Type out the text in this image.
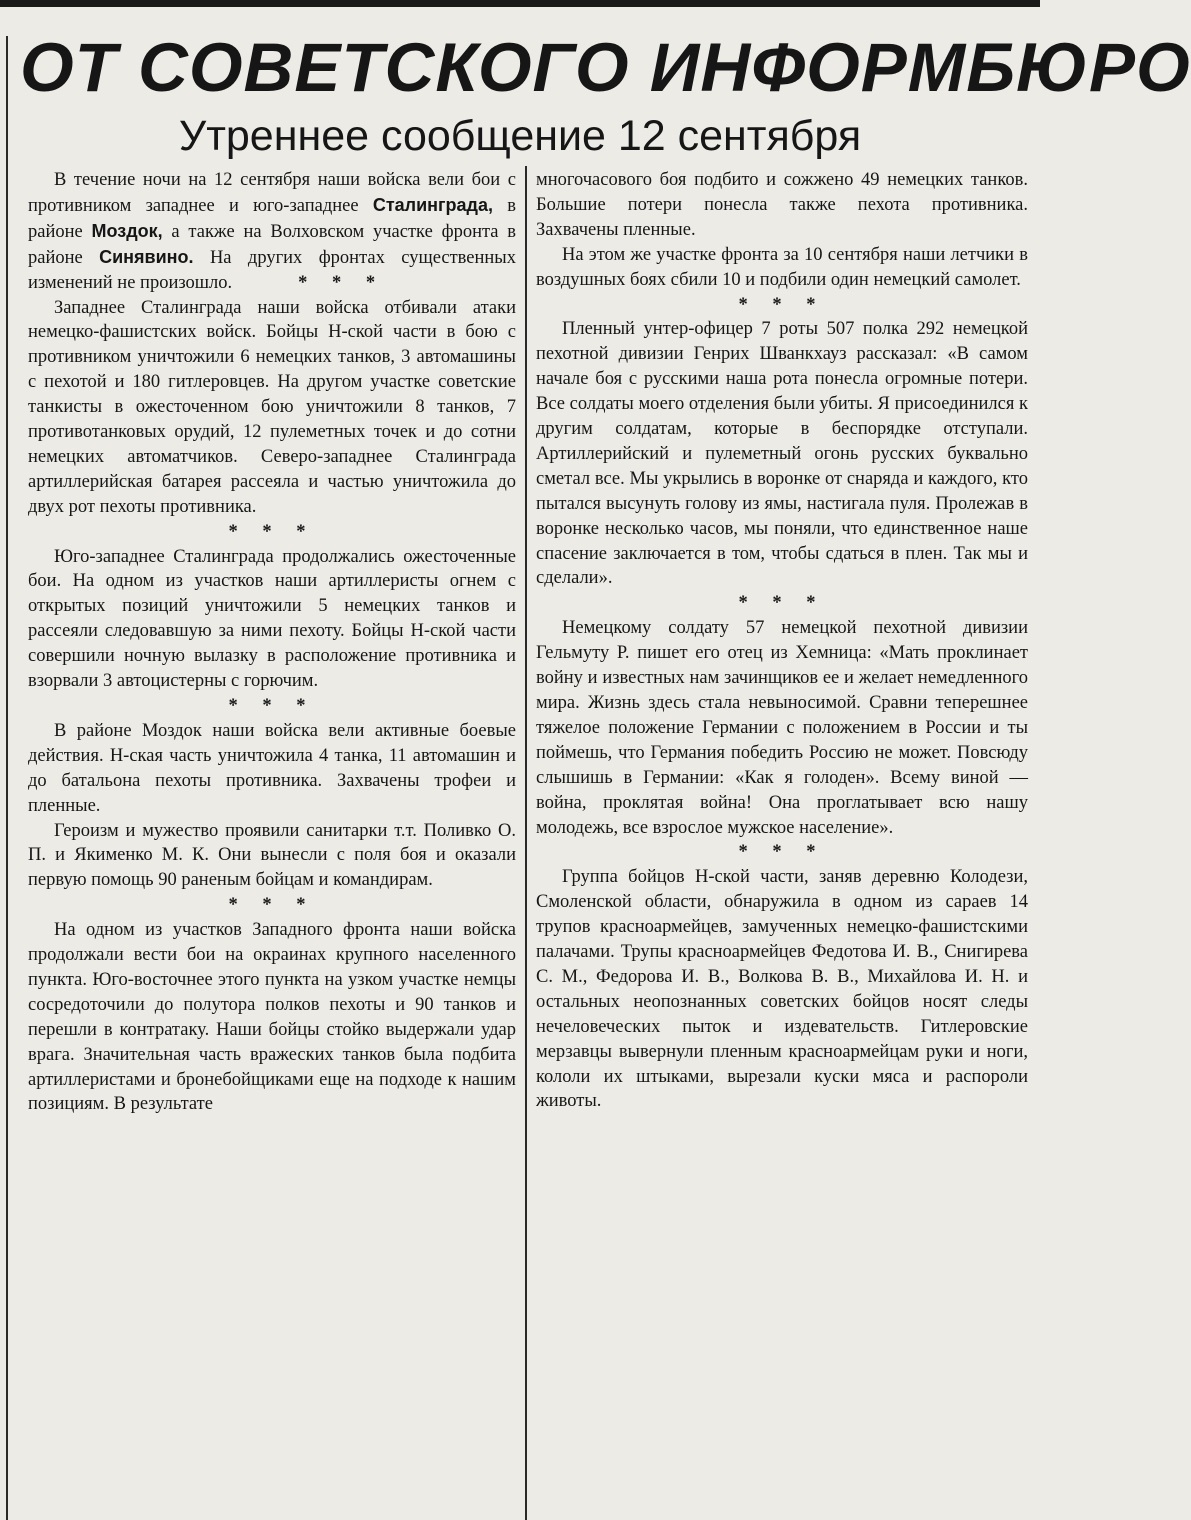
ОТ СОВЕТСКОГО ИНФОРМБЮРО
Утреннее сообщение 12 сентября

В течение ночи на 12 сентября наши войска вели бои с противником западнее и юго-западнее Сталинграда, в районе Моздок, а также на Волховском участке фронта в районе Синявино. На других фронтах существенных изменений не произошло.	* * *

Западнее Сталинграда наши войска отбивали атаки немецко-фашистских войск. Бойцы Н-ской части в бою с противником уничтожили 6 немецких танков, 3 автомашины с пехотой и 180 гитлеровцев. На другом участке советские танкисты в ожесточенном бою уничтожили 8 танков, 7 противотанковых орудий, 12 пулеметных точек и до сотни немецких автоматчиков. Северо-западнее Сталинграда артиллерийская батарея рассеяла и частью уничтожила до двух рот пехоты противника.

* * *

Юго-западнее Сталинграда продолжались ожесточенные бои. На одном из участков наши артиллеристы огнем с открытых позиций уничтожили 5 немецких танков и рассеяли следовавшую за ними пехоту. Бойцы Н-ской части совершили ночную вылазку в расположение противника и взорвали 3 автоцистерны с горючим.

* * *

В районе Моздок наши войска вели активные боевые действия. Н-ская часть уничтожила 4 танка, 11 автомашин и до батальона пехоты противника. Захвачены трофеи и пленные.

Героизм и мужество проявили санитарки т.т. Поливко О. П. и Якименко М. К. Они вынесли с поля боя и оказали первую помощь 90 раненым бойцам и командирам.

* * *

На одном из участков Западного фронта наши войска продолжали вести бои на окраинах крупного населенного пункта. Юго-восточнее этого пункта на узком участке немцы сосредоточили до полутора полков пехоты и 90 танков и перешли в контратаку. Наши бойцы стойко выдержали удар врага. Значительная часть вражеских танков была подбита артиллеристами и бронебойщиками еще на подходе к нашим позициям. В результате

многочасового боя подбито и сожжено 49 немецких танков. Большие потери понесла также пехота противника. Захвачены пленные.

На этом же участке фронта за 10 сентября наши летчики в воздушных боях сбили 10 и подбили один немецкий самолет.

* * *

Пленный унтер-офицер 7 роты 507 полка 292 немецкой пехотной дивизии Генрих Шванкхауз рассказал: «В самом начале боя с русскими наша рота понесла огромные потери. Все солдаты моего отделения были убиты. Я присоединился к другим солдатам, которые в беспорядке отступали. Артиллерийский и пулеметный огонь русских буквально сметал все. Мы укрылись в воронке от снаряда и каждого, кто пытался высунуть голову из ямы, настигала пуля. Пролежав в воронке несколько часов, мы поняли, что единственное наше спасение заключается в том, чтобы сдаться в плен. Так мы и сделали».

* * *

Немецкому солдату 57 немецкой пехотной дивизии Гельмуту Р. пишет его отец из Хемница: «Мать проклинает войну и известных нам зачинщиков ее и желает немедленного мира. Жизнь здесь стала невыносимой. Сравни теперешнее тяжелое положение Германии с положением в России и ты поймешь, что Германия победить Россию не может. Повсюду слышишь в Германии: «Как я голоден». Всему виной — война, проклятая война! Она проглатывает всю нашу молодежь, все взрослое мужское население».

* * *

Группа бойцов Н-ской части, заняв деревню Колодези, Смоленской области, обнаружила в одном из сараев 14 трупов красноармейцев, замученных немецко-фашистскими палачами. Трупы красноармейцев Федотова И. В., Снигирева С. М., Федорова И. В., Волкова В. В., Михайлова И. Н. и остальных неопознанных советских бойцов носят следы нечеловеческих пыток и издевательств. Гитлеровские мерзавцы вывернули пленным красноармейцам руки и ноги, кололи их штыками, вырезали куски мяса и распороли животы.
